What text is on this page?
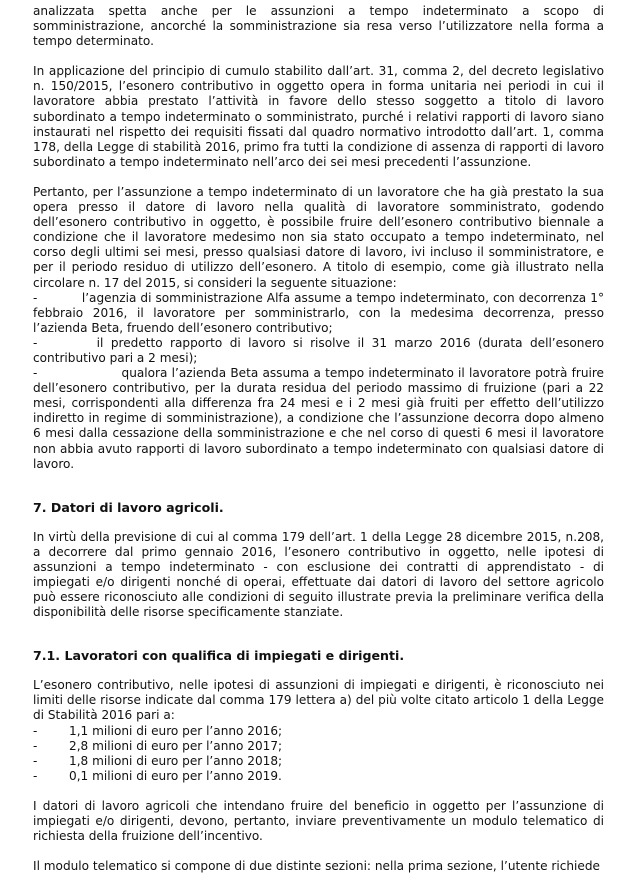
analizzata spetta anche per le assunzioni a tempo indeterminato a scopo di somministrazione, ancorché la somministrazione sia resa verso l’utilizzatore nella forma a tempo determinato.

In applicazione del principio di cumulo stabilito dall’art. 31, comma 2, del decreto legislativo n. 150/2015, l’esonero contributivo in oggetto opera in forma unitaria nei periodi in cui il lavoratore abbia prestato l’attività in favore dello stesso soggetto a titolo di lavoro subordinato a tempo indeterminato o somministrato, purché i relativi rapporti di lavoro siano instaurati nel rispetto dei requisiti fissati dal quadro normativo introdotto dall’art. 1, comma 178, della Legge di stabilità 2016, primo fra tutti la condizione di assenza di rapporti di lavoro subordinato a tempo indeterminato nell’arco dei sei mesi precedenti l’assunzione.

Pertanto, per l’assunzione a tempo indeterminato di un lavoratore che ha già prestato la sua opera presso il datore di lavoro nella qualità di lavoratore somministrato, godendo dell’esonero contributivo in oggetto, è possibile fruire dell’esonero contributivo biennale a condizione che il lavoratore medesimo non sia stato occupato a tempo indeterminato, nel corso degli ultimi sei mesi, presso qualsiasi datore di lavoro, ivi incluso il somministratore, e per il periodo residuo di utilizzo dell’esonero. A titolo di esempio, come già illustrato nella circolare n. 17 del 2015, si consideri la seguente situazione:

-           l’agenzia di somministrazione Alfa assume a tempo indeterminato, con decorrenza 1° febbraio 2016, il lavoratore per somministrarlo, con la medesima decorrenza, presso l’azienda Beta, fruendo dell’esonero contributivo;

-        il predetto rapporto di lavoro si risolve il 31 marzo 2016 (durata dell’esonero contributivo pari a 2 mesi);

-                    qualora l’azienda Beta assuma a tempo indeterminato il lavoratore potrà fruire dell’esonero contributivo, per la durata residua del periodo massimo di fruizione (pari a 22 mesi, corrispondenti alla differenza fra 24 mesi e i 2 mesi già fruiti per effetto dell’utilizzo indiretto in regime di somministrazione), a condizione che l’assunzione decorra dopo almeno 6 mesi dalla cessazione della somministrazione e che nel corso di questi 6 mesi il lavoratore non abbia avuto rapporti di lavoro subordinato a tempo indeterminato con qualsiasi datore di lavoro.

7. Datori di lavoro agricoli.

In virtù della previsione di cui al comma 179 dell’art. 1 della Legge 28 dicembre 2015, n.208, a decorrere dal primo gennaio 2016, l’esonero contributivo in oggetto, nelle ipotesi di assunzioni a tempo indeterminato - con esclusione dei contratti di apprendistato - di impiegati e/o dirigenti nonché di operai, effettuate dai datori di lavoro del settore agricolo può essere riconosciuto alle condizioni di seguito illustrate previa la preliminare verifica della disponibilità delle risorse specificamente stanziate.

7.1. Lavoratori con qualifica di impiegati e dirigenti.

L’esonero contributivo, nelle ipotesi di assunzioni di impiegati e dirigenti, è riconosciuto nei limiti delle risorse indicate dal comma 179 lettera a) del più volte citato articolo 1 della Legge di Stabilità 2016 pari a:

-	1,1 milioni di euro per l’anno 2016;
-	2,8 milioni di euro per l’anno 2017;
-	1,8 milioni di euro per l’anno 2018;
-	0,1 milioni di euro per l’anno 2019.

I datori di lavoro agricoli che intendano fruire del beneficio in oggetto per l’assunzione di impiegati e/o dirigenti, devono, pertanto, inviare preventivamente un modulo telematico di richiesta della fruizione dell’incentivo.

Il modulo telematico si compone di due distinte sezioni: nella prima sezione, l’utente richiede
